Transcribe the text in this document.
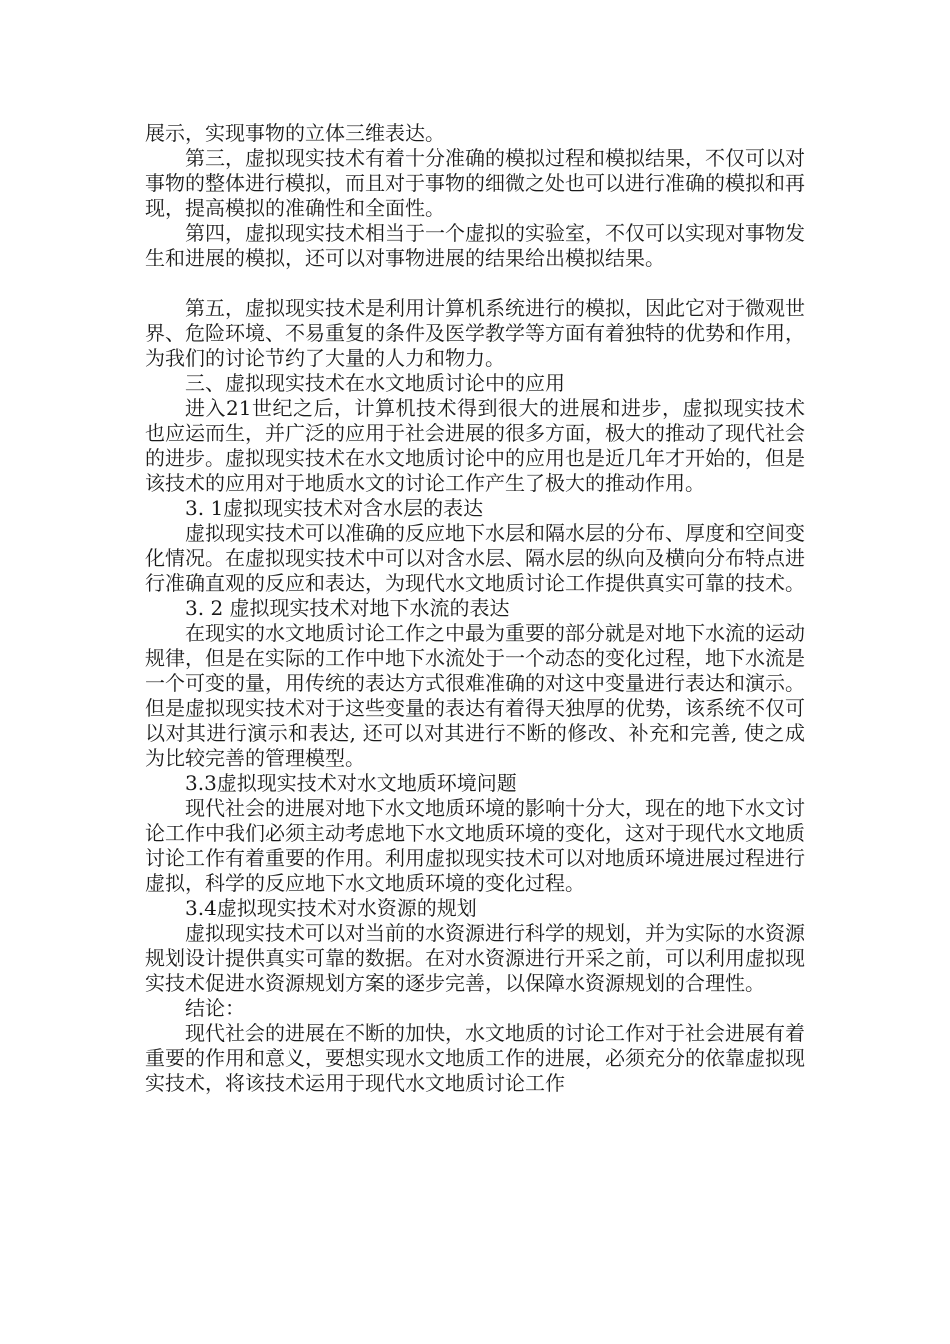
展示，实现事物的立体三维表达。

第三，虚拟现实技术有着十分准确的模拟过程和模拟结果，不仅可以对事物的整体进行模拟，而且对于事物的细微之处也可以进行准确的模拟和再现，提高模拟的准确性和全面性。

第四，虚拟现实技术相当于一个虚拟的实验室，不仅可以实现对事物发生和进展的模拟，还可以对事物进展的结果给出模拟结果。

第五，虚拟现实技术是利用计算机系统进行的模拟，因此它对于微观世界、危险环境、不易重复的条件及医学教学等方面有着独特的优势和作用，为我们的讨论节约了大量的人力和物力。

三、虚拟现实技术在水文地质讨论中的应用

进入21世纪之后，计算机技术得到很大的进展和进步，虚拟现实技术也应运而生，并广泛的应用于社会进展的很多方面，极大的推动了现代社会的进步。虚拟现实技术在水文地质讨论中的应用也是近几年才开始的，但是该技术的应用对于地质水文的讨论工作产生了极大的推动作用。

3. 1虚拟现实技术对含水层的表达

虚拟现实技术可以准确的反应地下水层和隔水层的分布、厚度和空间变化情况。在虚拟现实技术中可以对含水层、隔水层的纵向及横向分布特点进行准确直观的反应和表达，为现代水文地质讨论工作提供真实可靠的技术。

3. 2 虚拟现实技术对地下水流的表达

在现实的水文地质讨论工作之中最为重要的部分就是对地下水流的运动规律，但是在实际的工作中地下水流处于一个动态的变化过程，地下水流是一个可变的量，用传统的表达方式很难准确的对这中变量进行表达和演示。但是虚拟现实技术对于这些变量的表达有着得天独厚的优势，该系统不仅可以对其进行演示和表达, 还可以对其进行不断的修改、补充和完善, 使之成为比较完善的管理模型。

3.3虚拟现实技术对水文地质环境问题

现代社会的进展对地下水文地质环境的影响十分大，现在的地下水文讨论工作中我们必须主动考虑地下水文地质环境的变化，这对于现代水文地质讨论工作有着重要的作用。利用虚拟现实技术可以对地质环境进展过程进行虚拟，科学的反应地下水文地质环境的变化过程。

3.4虚拟现实技术对水资源的规划

虚拟现实技术可以对当前的水资源进行科学的规划，并为实际的水资源规划设计提供真实可靠的数据。在对水资源进行开采之前，可以利用虚拟现实技术促进水资源规划方案的逐步完善，以保障水资源规划的合理性。

结论：

现代社会的进展在不断的加快，水文地质的讨论工作对于社会进展有着重要的作用和意义，要想实现水文地质工作的进展，必须充分的依靠虚拟现实技术，将该技术运用于现代水文地质讨论工作
